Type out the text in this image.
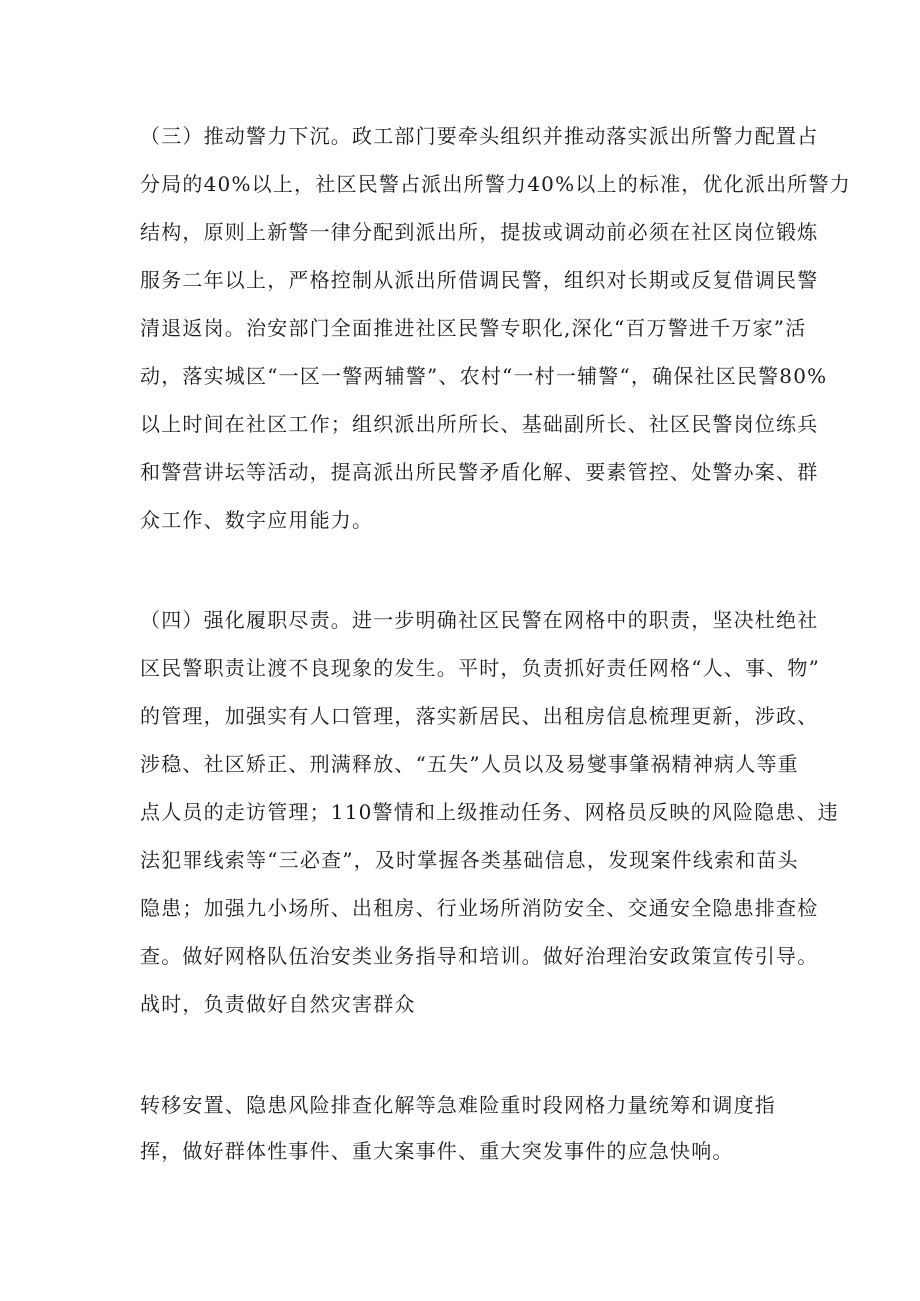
（三）推动警力下沉。政工部门要牵头组织并推动落实派出所警力配置占
分局的40%以上，社区民警占派出所警力40%以上的标准，优化派出所警力
结构，原则上新警一律分配到派出所，提拔或调动前必须在社区岗位锻炼
服务二年以上，严格控制从派出所借调民警，组织对长期或反复借调民警
清退返岗。治安部门全面推进社区民警专职化,深化“百万警进千万家”活
动，落实城区“一区一警两辅警”、农村“一村一辅警“，确保社区民警80%
以上时间在社区工作；组织派出所所长、基础副所长、社区民警岗位练兵
和警营讲坛等活动，提高派出所民警矛盾化解、要素管控、处警办案、群
众工作、数字应用能力。
（四）强化履职尽责。进一步明确社区民警在网格中的职责，坚决杜绝社
区民警职责让渡不良现象的发生。平时，负责抓好责任网格“人、事、物”
的管理，加强实有人口管理，落实新居民、出租房信息梳理更新，涉政、
涉稳、社区矫正、刑满释放、“五失”人员以及易燮事肇祸精神病人等重
点人员的走访管理；110警情和上级推动任务、网格员反映的风险隐患、违
法犯罪线索等“三必查”，及时掌握各类基础信息，发现案件线索和苗头
隐患；加强九小场所、出租房、行业场所消防安全、交通安全隐患排查检
查。做好网格队伍治安类业务指导和培训。做好治理治安政策宣传引导。
战时，负责做好自然灾害群众
转移安置、隐患风险排查化解等急难险重时段网格力量统筹和调度指
挥，做好群体性事件、重大案事件、重大突发事件的应急快响。
